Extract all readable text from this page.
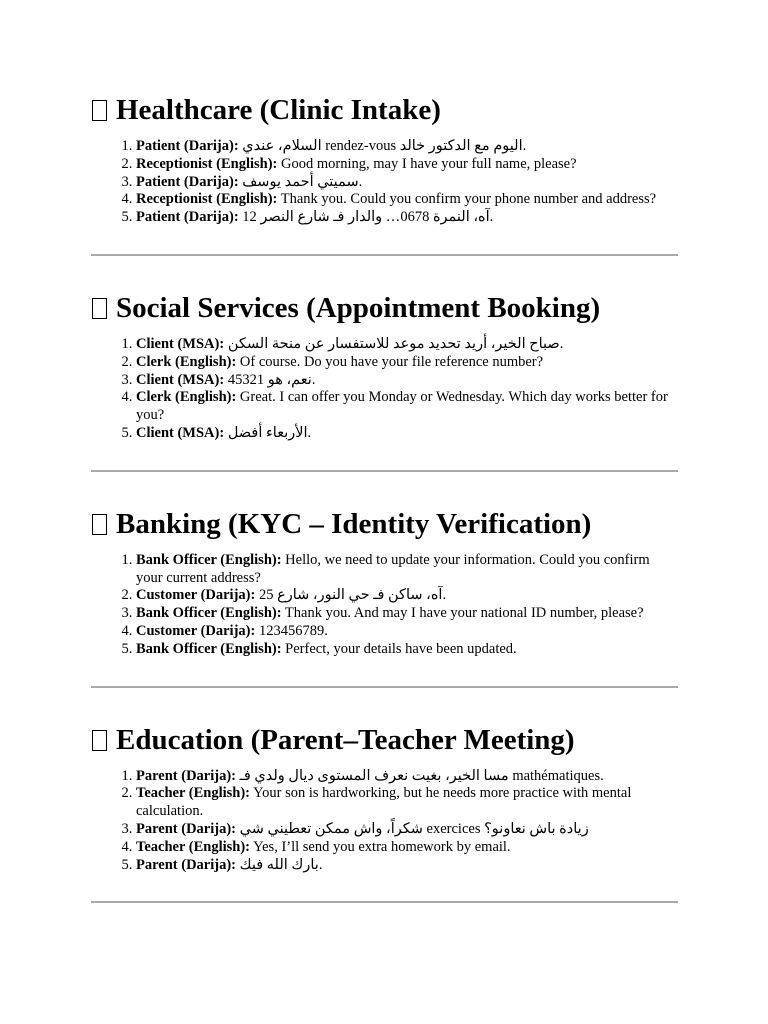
Healthcare (Clinic Intake)
1. Patient (Darija): السلام، عندي rendez-vous اليوم مع الدكتور خالد.
2. Receptionist (English): Good morning, may I have your full name, please?
3. Patient (Darija): سميتي أحمد يوسف.
4. Receptionist (English): Thank you. Could you confirm your phone number and address?
5. Patient (Darija): آه، النمرة 0678… والدار فـ شارع النصر 12.
Social Services (Appointment Booking)
1. Client (MSA): صباح الخير، أريد تحديد موعد للاستفسار عن منحة السكن.
2. Clerk (English): Of course. Do you have your file reference number?
3. Client (MSA): نعم، هو 45321.
4. Clerk (English): Great. I can offer you Monday or Wednesday. Which day works better for you?
5. Client (MSA): الأربعاء أفضل.
Banking (KYC – Identity Verification)
1. Bank Officer (English): Hello, we need to update your information. Could you confirm your current address?
2. Customer (Darija): آه، ساكن فـ حي النور، شارع 25.
3. Bank Officer (English): Thank you. And may I have your national ID number, please?
4. Customer (Darija): 123456789.
5. Bank Officer (English): Perfect, your details have been updated.
Education (Parent–Teacher Meeting)
1. Parent (Darija): مسا الخير، بغيت نعرف المستوى ديال ولدي فـ mathématiques.
2. Teacher (English): Your son is hardworking, but he needs more practice with mental calculation.
3. Parent (Darija): شكراً، واش ممكن تعطيني شي exercices زيادة باش نعاونو؟
4. Teacher (English): Yes, I’ll send you extra homework by email.
5. Parent (Darija): بارك الله فيك.
